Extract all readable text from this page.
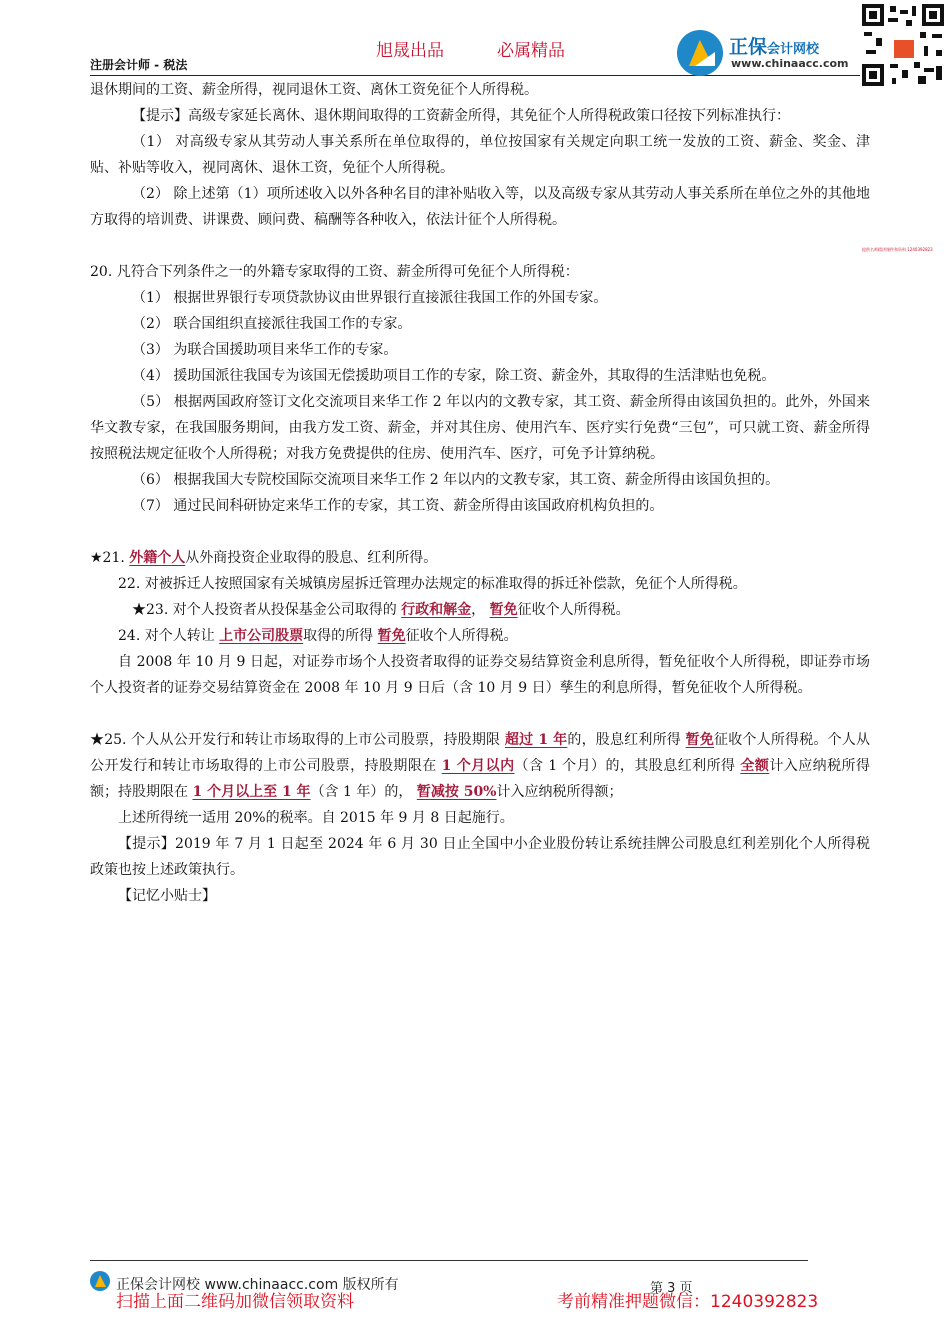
旭晟出品	必属精品
注册会计师 - 税法
正保会计网校
www.chinaacc.com
提供名师精讲课件和资料 1240392823

退休期间的工资、薪金所得，视同退休工资、离休工资免征个人所得税。

【提示】高级专家延长离休、退休期间取得的工资薪金所得，其免征个人所得税政策口径按下列标准执行：

（1） 对高级专家从其劳动人事关系所在单位取得的，单位按国家有关规定向职工统一发放的工资、薪金、奖金、津贴、补贴等收入，视同离休、退休工资，免征个人所得税。

（2） 除上述第（1）项所述收入以外各种名目的津补贴收入等，以及高级专家从其劳动人事关系所在单位之外的其他地方取得的培训费、讲课费、顾问费、稿酬等各种收入，依法计征个人所得税。

20. 凡符合下列条件之一的外籍专家取得的工资、薪金所得可免征个人所得税：

（1） 根据世界银行专项贷款协议由世界银行直接派往我国工作的外国专家。

（2） 联合国组织直接派往我国工作的专家。

（3） 为联合国援助项目来华工作的专家。

（4） 援助国派往我国专为该国无偿援助项目工作的专家，除工资、薪金外，其取得的生活津贴也免税。

（5） 根据两国政府签订文化交流项目来华工作 2 年以内的文教专家，其工资、薪金所得由该国负担的。此外，外国来华文教专家，在我国服务期间，由我方发工资、薪金，并对其住房、使用汽车、医疗实行免费“三包”，可只就工资、薪金所得按照税法规定征收个人所得税；对我方免费提供的住房、使用汽车、医疗，可免予计算纳税。

（6） 根据我国大专院校国际交流项目来华工作 2 年以内的文教专家，其工资、薪金所得由该国负担的。

（7） 通过民间科研协定来华工作的专家，其工资、薪金所得由该国政府机构负担的。

★21. 外籍个人从外商投资企业取得的股息、红利所得。

22. 对被拆迁人按照国家有关城镇房屋拆迁管理办法规定的标准取得的拆迁补偿款，免征个人所得税。

★23. 对个人投资者从投保基金公司取得的 行政和解金， 暂免征收个人所得税。

24. 对个人转让 上市公司股票取得的所得 暂免征收个人所得税。

自 2008 年 10 月 9 日起，对证券市场个人投资者取得的证券交易结算资金利息所得，暂免征收个人所得税，即证券市场个人投资者的证券交易结算资金在 2008 年 10 月 9 日后（含 10 月 9 日）孳生的利息所得，暂免征收个人所得税。

★25. 个人从公开发行和转让市场取得的上市公司股票，持股期限 超过 1 年的，股息红利所得 暂免征收个人所得税。个人从公开发行和转让市场取得的上市公司股票，持股期限在 1 个月以内（含 1 个月）的，其股息红利所得 全额计入应纳税所得额；持股期限在 1 个月以上至 1 年（含 1 年）的， 暂减按 50%计入应纳税所得额；

上述所得统一适用 20%的税率。自 2015 年 9 月 8 日起施行。

【提示】2019 年 7 月 1 日起至 2024 年 6 月 30 日止全国中小企业股份转让系统挂牌公司股息红利差别化个人所得税政策也按上述政策执行。

【记忆小贴士】

正保会计网校 www.chinaacc.com 版权所有	第 3 页
扫描上面二维码加微信领取资料	考前精准押题微信：1240392823
